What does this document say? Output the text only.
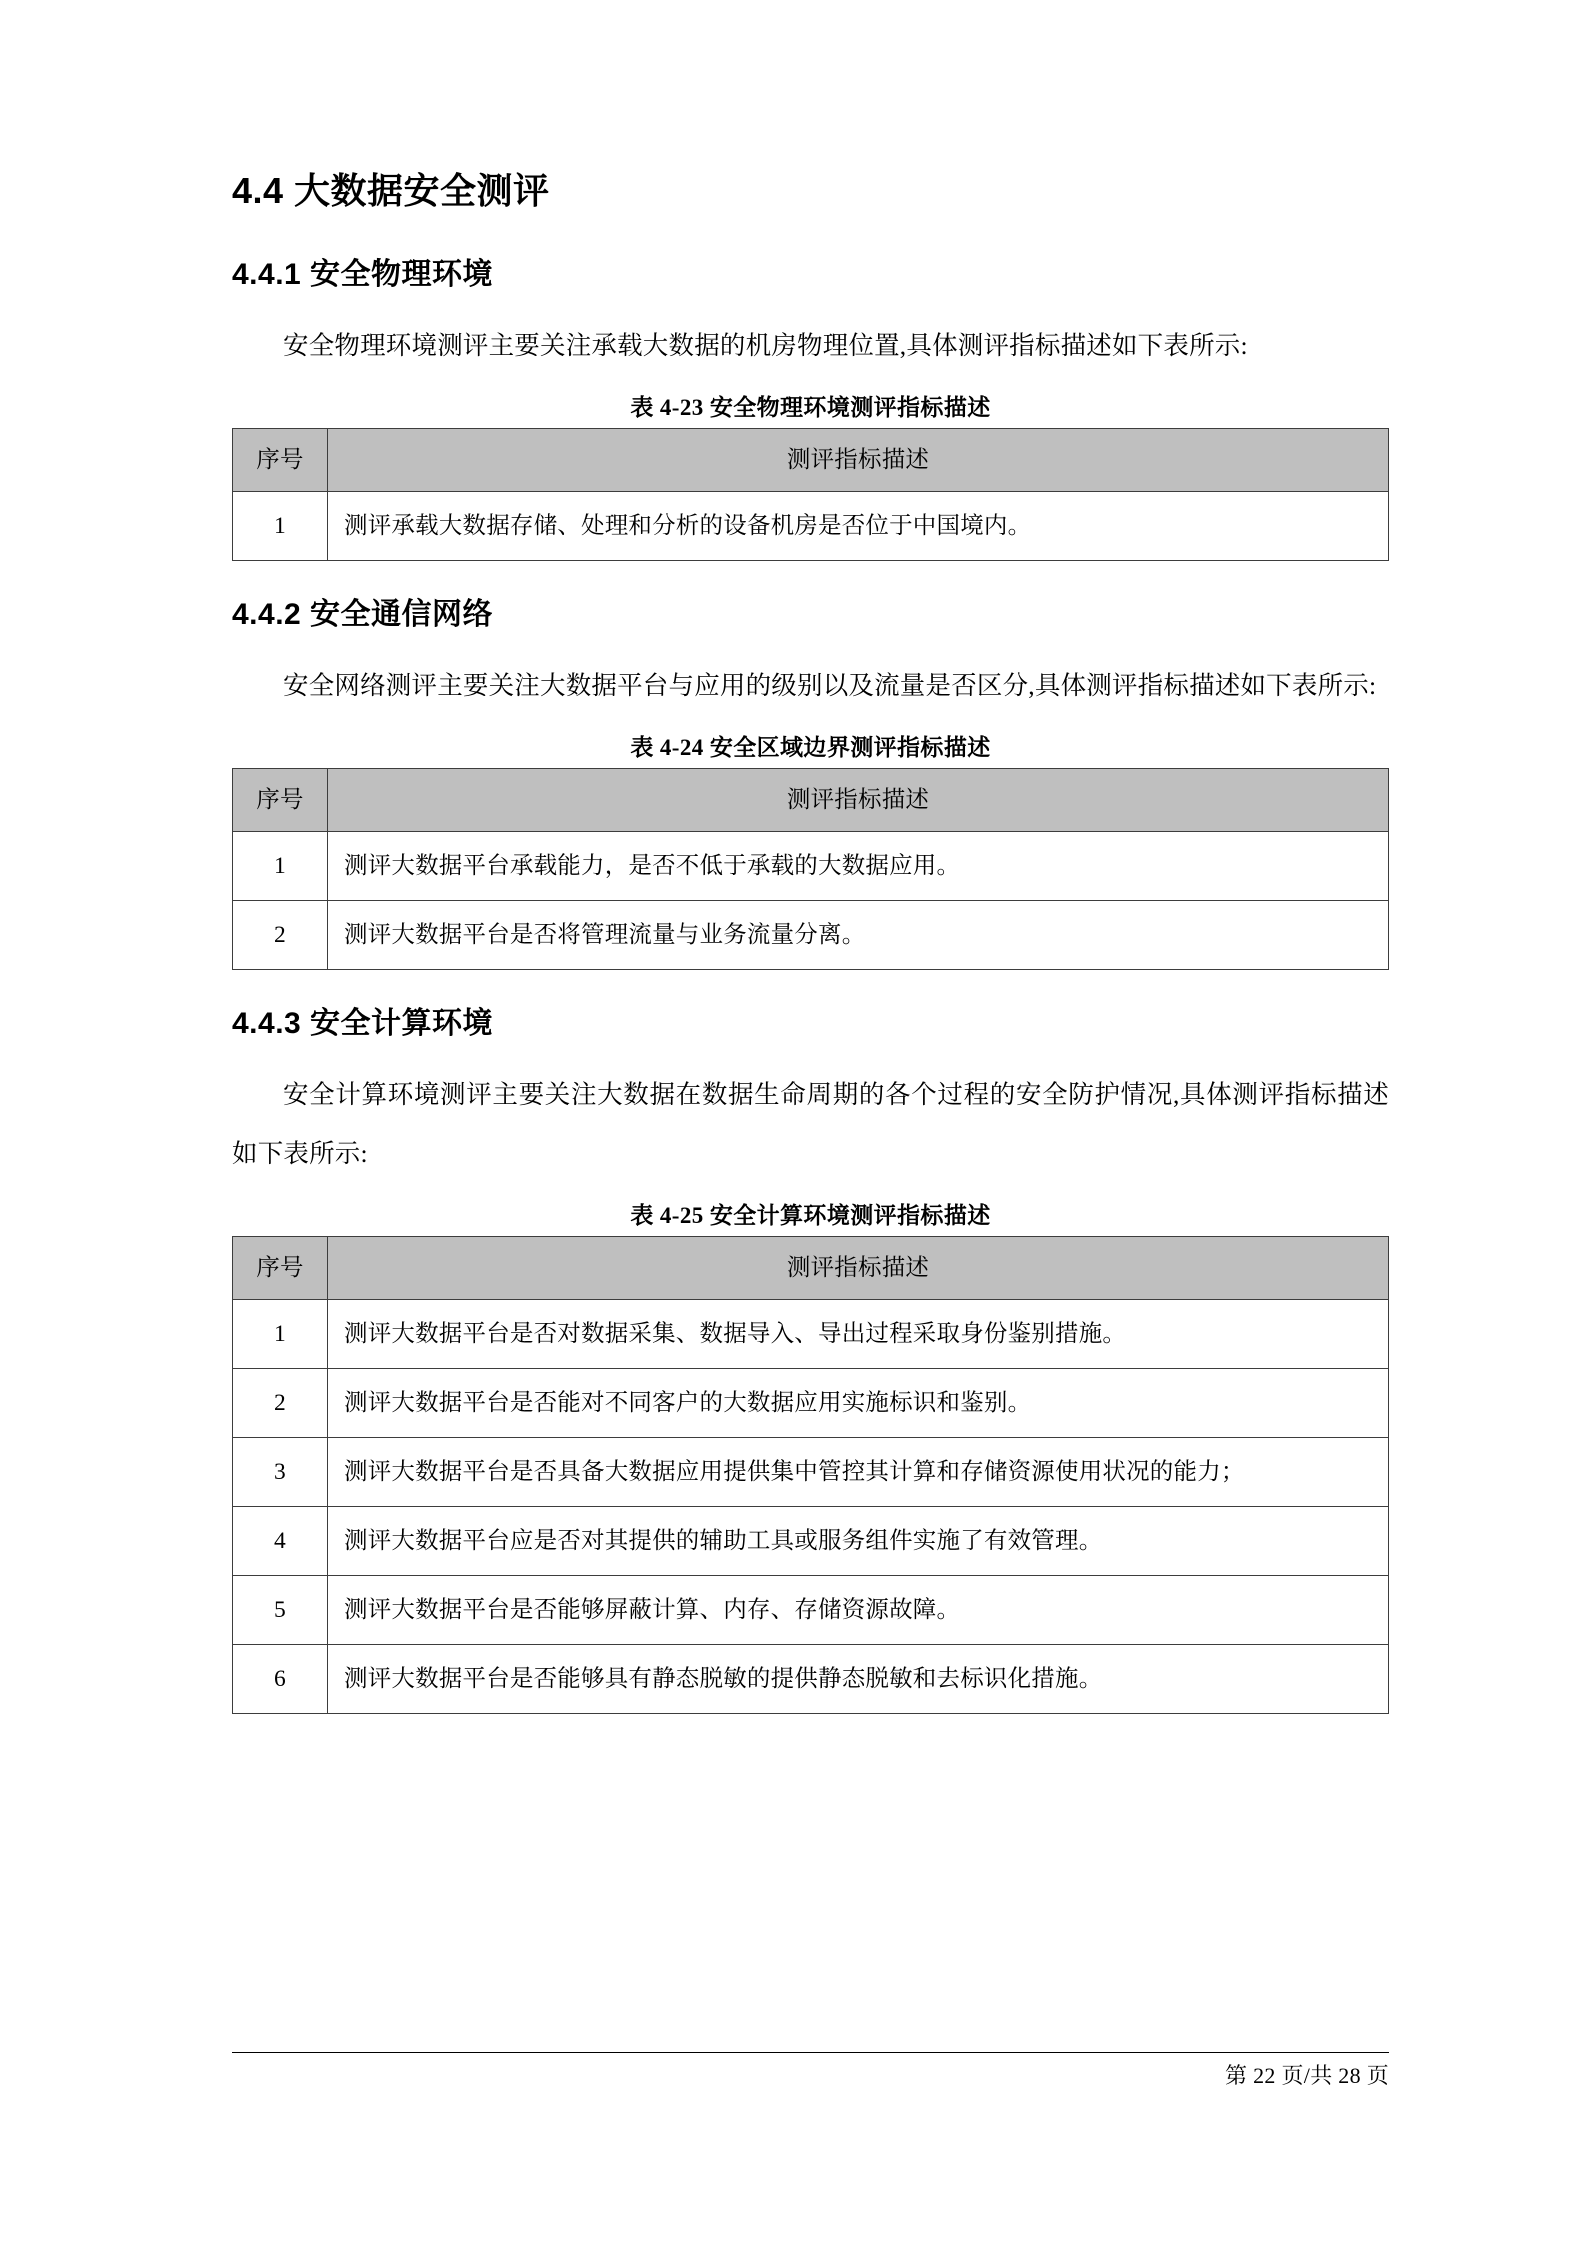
4.4 大数据安全测评
4.4.1 安全物理环境

安全物理环境测评主要关注承载大数据的机房物理位置,具体测评指标描述如下表所示:

表 4-23 安全物理环境测评指标描述
序号	测评指标描述
1	测评承载大数据存储、处理和分析的设备机房是否位于中国境内。
4.4.2 安全通信网络

安全网络测评主要关注大数据平台与应用的级别以及流量是否区分,具体测评指标描述如下表所示:

表 4-24 安全区域边界测评指标描述
序号	测评指标描述
1	测评大数据平台承载能力，是否不低于承载的大数据应用。
2	测评大数据平台是否将管理流量与业务流量分离。
4.4.3 安全计算环境

安全计算环境测评主要关注大数据在数据生命周期的各个过程的安全防护情况,具体测评指标描述如下表所示:

表 4-25 安全计算环境测评指标描述
序号	测评指标描述
1	测评大数据平台是否对数据采集、数据导入、导出过程采取身份鉴别措施。
2	测评大数据平台是否能对不同客户的大数据应用实施标识和鉴别。
3	测评大数据平台是否具备大数据应用提供集中管控其计算和存储资源使用状况的能力；
4	测评大数据平台应是否对其提供的辅助工具或服务组件实施了有效管理。
5	测评大数据平台是否能够屏蔽计算、内存、存储资源故障。
6	测评大数据平台是否能够具有静态脱敏的提供静态脱敏和去标识化措施。
第 22 页/共 28 页
